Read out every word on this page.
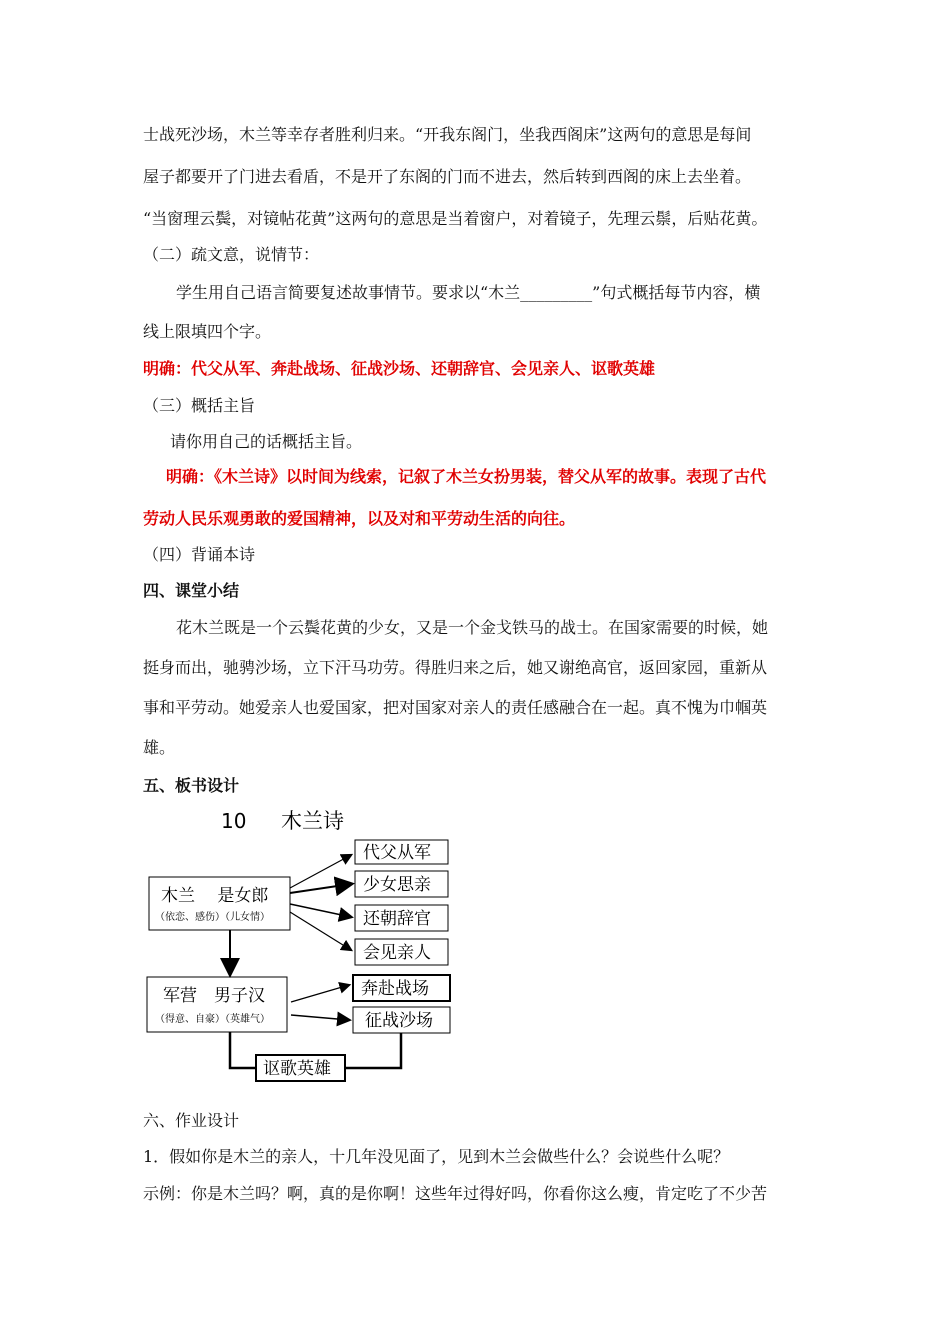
士战死沙场，木兰等幸存者胜利归来。“开我东阁门，坐我西阁床”这两句的意思是每间
屋子都要开了门进去看盾，不是开了东阁的门而不进去，然后转到西阁的床上去坐着。
“当窗理云鬓，对镜帖花黄”这两句的意思是当着窗户，对着镜子，先理云鬃，后贴花黄。
（二）疏文意，说情节：
学生用自己语言简要复述故事情节。要求以“木兰_________”句式概括每节内容，横
线上限填四个字。
明确：代父从军、奔赴战场、征战沙场、还朝辞官、会见亲人、讴歌英雄
（三）概括主旨
请你用自己的话概括主旨。
明确：《木兰诗》以时间为线索，记叙了木兰女扮男装，替父从军的故事。表现了古代
劳动人民乐观勇敢的爱国精神，以及对和平劳动生活的向往。
（四）背诵本诗
四、课堂小结
花木兰既是一个云鬓花黄的少女，又是一个金戈铁马的战士。在国家需要的时候，她
挺身而出，驰骋沙场，立下汗马功劳。得胜归来之后，她又谢绝高官，返回家园，重新从
事和平劳动。她爱亲人也爱国家，把对国家对亲人的责任感融合在一起。真不愧为巾帼英
雄。
五、板书设计
10 木兰诗
木兰　 是女郎
（依恋、感伤）（儿女情）
军营　男子汉
（得意、自豪）（英雄气）
代父从军
少女思亲
还朝辞官
会见亲人
奔赴战场
征战沙场
讴歌英雄
六、作业设计
1．假如你是木兰的亲人，十几年没见面了，见到木兰会做些什么？会说些什么呢？
示例：你是木兰吗？啊，真的是你啊！这些年过得好吗，你看你这么瘦，肯定吃了不少苦
